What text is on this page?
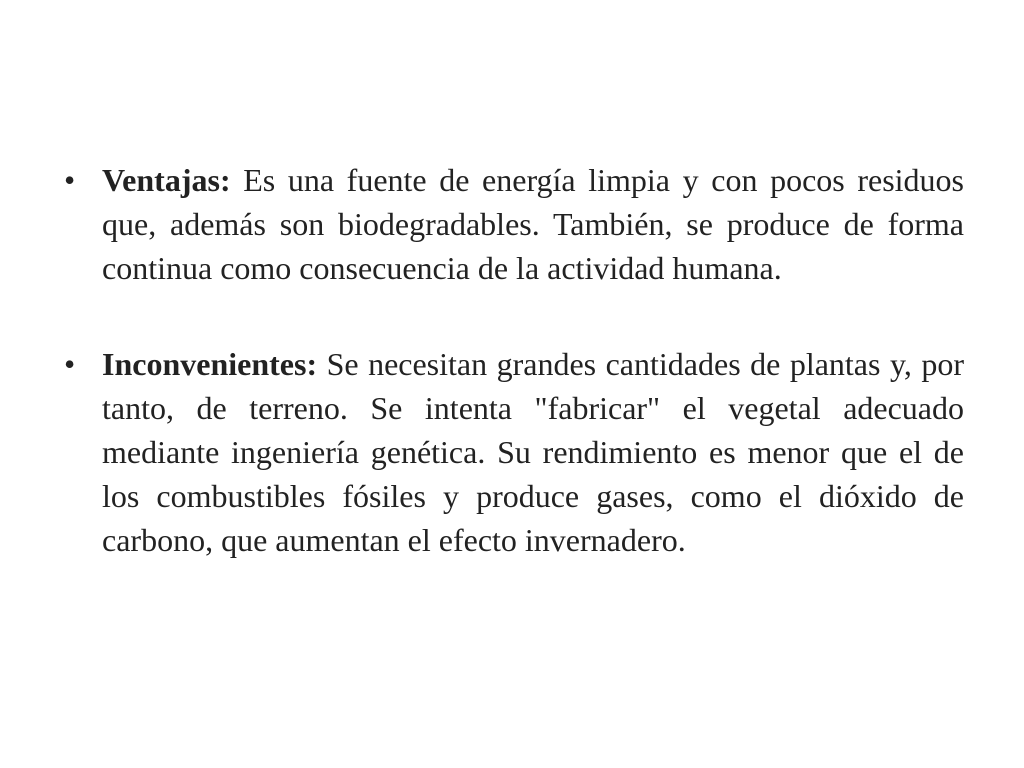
• Ventajas: Es una fuente de energía limpia y con pocos residuos que, además son biodegradables. También, se produce de forma continua como consecuencia de la actividad humana.
• Inconvenientes: Se necesitan grandes cantidades de plantas y, por tanto, de terreno. Se intenta "fabricar" el vegetal adecuado mediante ingeniería genética. Su rendimiento es menor que el de los combustibles fósiles y produce gases, como el dióxido de carbono, que aumentan el efecto invernadero.
